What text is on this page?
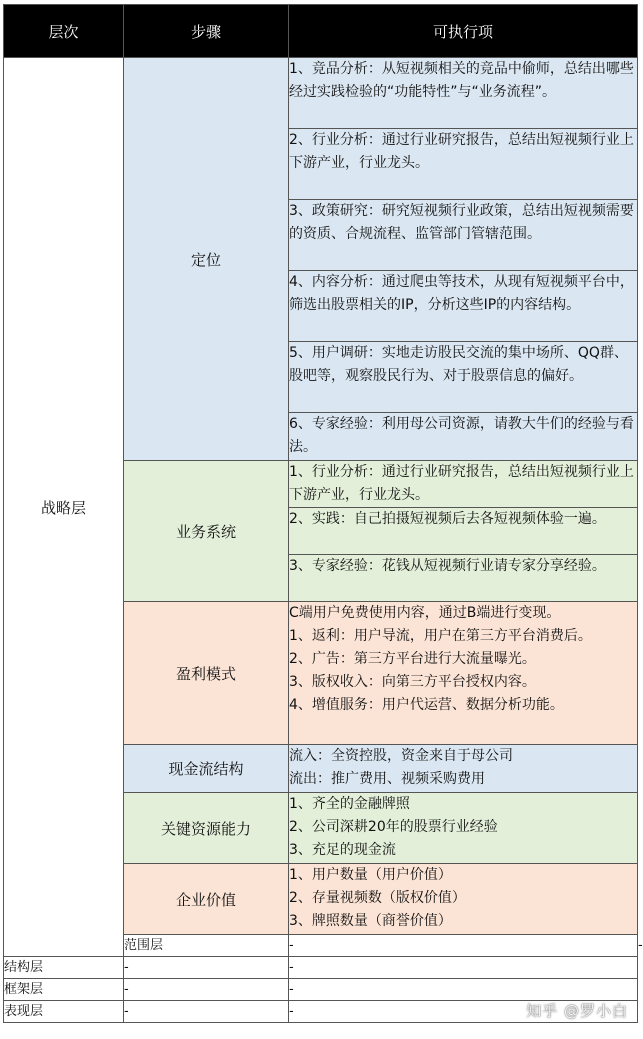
层次	步骤	可执行项	
战略层	定位	1、竞品分析：从短视频相关的竞品中偷师，总结出哪些经过实践检验的“功能特性”与“业务流程”。	
		2、行业分析：通过行业研究报告，总结出短视频行业上下游产业，行业龙头。	
		3、政策研究：研究短视频行业政策，总结出短视频需要的资质、合规流程、监管部门管辖范围。	
		4、内容分析：通过爬虫等技术，从现有短视频平台中，筛选出股票相关的IP，分析这些IP的内容结构。	
		5、用户调研：实地走访股民交流的集中场所、QQ群、股吧等，观察股民行为、对于股票信息的偏好。	
		6、专家经验：利用母公司资源，请教大牛们的经验与看法。	
	业务系统	1、行业分析：通过行业研究报告，总结出短视频行业上下游产业，行业龙头。	
		2、实践：自己拍摄短视频后去各短视频体验一遍。	
		3、专家经验：花钱从短视频行业请专家分享经验。	
	盈利模式	C端用户免费使用内容，通过B端进行变现。
1、返利：用户导流，用户在第三方平台消费后。
2、广告：第三方平台进行大流量曝光。
3、版权收入：向第三方平台授权内容。
4、增值服务：用户代运营、数据分析功能。	

	现金流结构	流入：全资控股，资金来自于母公司
流出：推广费用、视频采购费用	

	关键资源能力	1、齐全的金融牌照
2、公司深耕20年的股票行业经验
3、充足的现金流	

	企业价值	1、用户数量（用户价值）
2、存量视频数（版权价值）
3、牌照数量（商誉价值）	

	范围层	-	-
结构层	-	-	
框架层	-	-	
表现层	-	-		知乎 @罗小白
